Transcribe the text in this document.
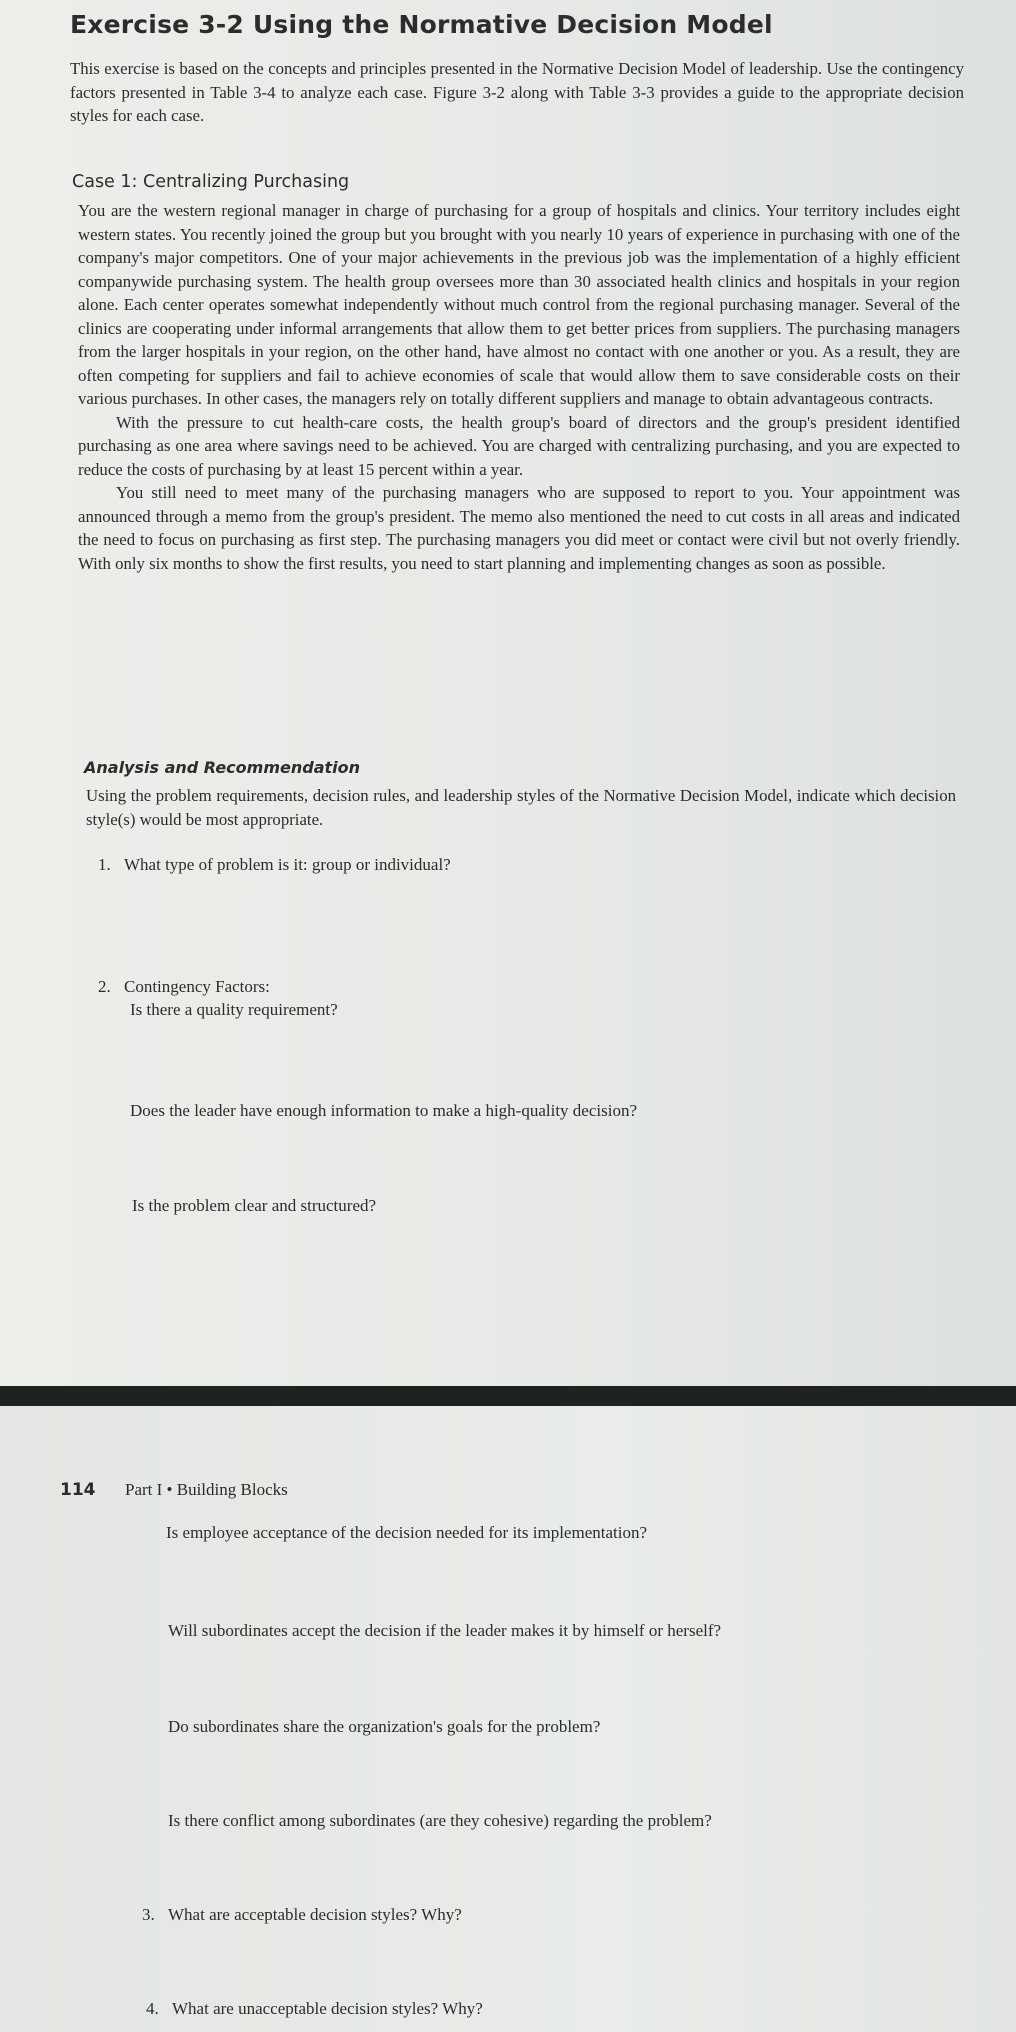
Exercise 3-2 Using the Normative Decision Model
This exercise is based on the concepts and principles presented in the Normative Decision Model of leadership. Use the contingency factors presented in Table 3-4 to analyze each case. Figure 3-2 along with Table 3-3 provides a guide to the appropriate decision styles for each case.
Case 1: Centralizing Purchasing

You are the western regional manager in charge of purchasing for a group of hospitals and clinics. Your territory includes eight western states. You recently joined the group but you brought with you nearly 10 years of experience in purchasing with one of the company's major competitors. One of your major achievements in the previous job was the implementation of a highly efficient companywide purchasing system. The health group oversees more than 30 associated health clinics and hospitals in your region alone. Each center operates somewhat independently without much control from the regional purchasing manager. Several of the clinics are cooperating under informal arrangements that allow them to get better prices from suppliers. The purchasing managers from the larger hospitals in your region, on the other hand, have almost no contact with one another or you. As a result, they are often competing for suppliers and fail to achieve economies of scale that would allow them to save considerable costs on their various purchases. In other cases, the managers rely on totally different suppliers and manage to obtain advantageous contracts.

With the pressure to cut health-care costs, the health group's board of directors and the group's president identified purchasing as one area where savings need to be achieved. You are charged with centralizing purchasing, and you are expected to reduce the costs of purchasing by at least 15 percent within a year.

You still need to meet many of the purchasing managers who are supposed to report to you. Your appointment was announced through a memo from the group's president. The memo also mentioned the need to cut costs in all areas and indicated the need to focus on purchasing as first step. The purchasing managers you did meet or contact were civil but not overly friendly. With only six months to show the first results, you need to start planning and implementing changes as soon as possible.

Analysis and Recommendation
Using the problem requirements, decision rules, and leadership styles of the Normative Decision Model, indicate which decision style(s) would be most appropriate.
1. What type of problem is it: group or individual?
2. Contingency Factors:
Is there a quality requirement?
Does the leader have enough information to make a high-quality decision?
Is the problem clear and structured?
114 Part I • Building Blocks
Is employee acceptance of the decision needed for its implementation?
Will subordinates accept the decision if the leader makes it by himself or herself?
Do subordinates share the organization's goals for the problem?
Is there conflict among subordinates (are they cohesive) regarding the problem?
3. What are acceptable decision styles? Why?
4. What are unacceptable decision styles? Why?
